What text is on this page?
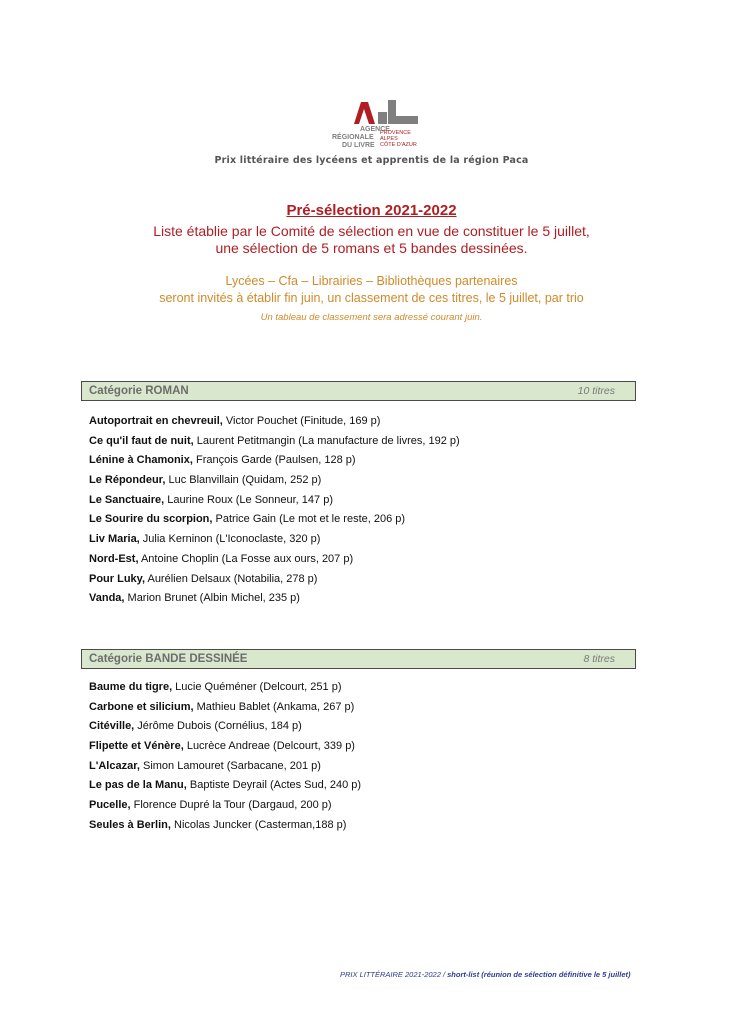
AGENCE
RÉGIONALE
DU LIVRE
PROVENCE
ALPES
CÔTE D'AZUR
Prix littéraire des lycéens et apprentis de la région Paca
Pré-sélection 2021-2022
Liste établie par le Comité de sélection en vue de constituer le 5 juillet,
une sélection de 5 romans et 5 bandes dessinées.
Lycées – Cfa – Librairies – Bibliothèques partenaires
seront invités à établir fin juin, un classement de ces titres, le 5 juillet, par trio
Un tableau de classement sera adressé courant juin.
Catégorie ROMAN	10 titres
Autoportrait en chevreuil, Victor Pouchet (Finitude, 169 p)
Ce qu'il faut de nuit, Laurent Petitmangin (La manufacture de livres, 192 p)
Lénine à Chamonix, François Garde (Paulsen, 128 p)
Le Répondeur, Luc Blanvillain (Quidam, 252 p)
Le Sanctuaire, Laurine Roux (Le Sonneur, 147 p)
Le Sourire du scorpion, Patrice Gain (Le mot et le reste, 206 p)
Liv Maria, Julia Kerninon (L'Iconoclaste, 320 p)
Nord-Est, Antoine Choplin (La Fosse aux ours, 207 p)
Pour Luky, Aurélien Delsaux (Notabilia, 278 p)
Vanda, Marion Brunet (Albin Michel, 235 p)
Catégorie BANDE DESSINÉE	8 titres
Baume du tigre, Lucie Quéméner (Delcourt, 251 p)
Carbone et silicium, Mathieu Bablet (Ankama, 267 p)
Citéville, Jérôme Dubois (Cornélius, 184 p)
Flipette et Vénère, Lucrèce Andreae (Delcourt, 339 p)
L'Alcazar, Simon Lamouret (Sarbacane, 201 p)
Le pas de la Manu, Baptiste Deyrail (Actes Sud, 240 p)
Pucelle, Florence Dupré la Tour (Dargaud, 200 p)
Seules à Berlin, Nicolas Juncker (Casterman,188 p)
PRIX LITTÉRAIRE 2021-2022 / short-list (réunion de sélection définitive le 5 juillet)
